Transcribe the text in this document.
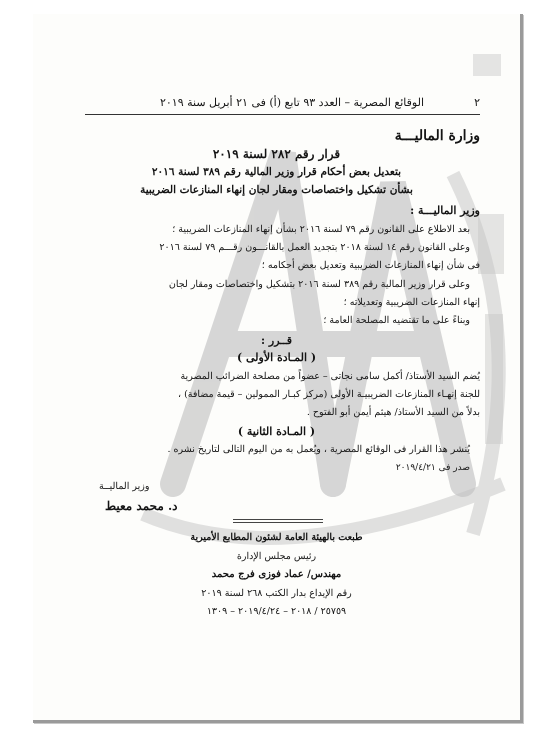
٢
الوقائع المصرية – العدد ٩٣ تابع (أ) فى ٢١ أبريل سنة ٢٠١٩
وزارة الماليـــة
قرار رقم ٢٨٢ لسنة ٢٠١٩
بتعديل بعض أحكام قرار وزير المالية رقم ٣٨٩ لسنة ٢٠١٦
بشأن تشكيل واختصاصات ومقار لجان إنهاء المنازعات الضريبية
وزير الماليـــة :
بعد الاطلاع على القانون رقم ٧٩ لسنة ٢٠١٦ بشأن إنهاء المنازعات الضريبية ؛
وعلى القانون رقم ١٤ لسنة ٢٠١٨ بتجديد العمل بالقانـــون رقـــم ٧٩ لسنة ٢٠١٦
فى شأن إنهاء المنازعات الضريبية وتعديل بعض أحكامه ؛
وعلى قرار وزير المالية رقم ٣٨٩ لسنة ٢٠١٦ بتشكيل واختصاصات ومقار لجان
إنهاء المنازعات الضريبية وتعديلاته ؛
وبناءً على ما تقتضيه المصلحة العامة ؛
قــرر :
( المـادة الأولى )
يُضم السيد الأستاذ/ أكمل سامى نجاتى – عضواً من مصلحة الضرائب المصرية
للجنة إنهـاء المنازعات الضريبيـة الأولى (مركز كبـار الممولين – قيمة مضافة) ،
بدلاً من السيد الأستاذ/ هيثم أيمن أبو الفتوح .
( المـادة الثانية )
يُنشر هذا القرار فى الوقائع المصرية ، ويُعمل به من اليوم التالى لتاريخ نشره .
صدر فى ٢٠١٩/٤/٢١
وزير الماليــة
د. محمد معيط
طبعت بالهيئة العامة لشئون المطابع الأميرية
رئيس مجلس الإدارة
مهندس/ عماد فوزى فرج محمد
رقم الإيداع بدار الكتب ٢٦٨ لسنة ٢٠١٩
٢٥٧٥٩ / ٢٠١٨ – ٢٠١٩/٤/٢٤ – ١٣٠٩
